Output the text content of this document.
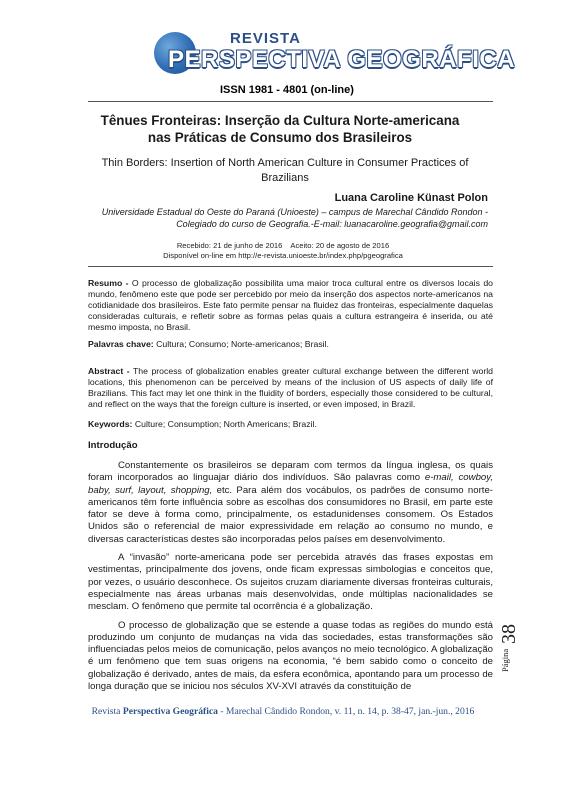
REVISTA
PERSPECTIVA GEOGRÁFICA
ISSN 1981 - 4801 (on-line)
Tênues Fronteiras: Inserção da Cultura Norte-americana nas Práticas de Consumo dos Brasileiros
Thin Borders: Insertion of North American Culture in Consumer Practices of Brazilians
Luana Caroline Künast Polon
Universidade Estadual do Oeste do Paraná (Unioeste) – campus de Marechal Cândido Rondon - Colegiado do curso de Geografia.-E-mail: luanacaroline.geografia@gmail.com
Recebido: 21 de junho de 2016    Aceito: 20 de agosto de 2016
Disponível on-line em http://e-revista.unioeste.br/index.php/pgeografica
Resumo - O processo de globalização possibilita uma maior troca cultural entre os diversos locais do mundo, fenômeno este que pode ser percebido por meio da inserção dos aspectos norte-americanos na cotidianidade dos brasileiros. Este fato permite pensar na fluidez das fronteiras, especialmente daquelas consideradas culturais, e refletir sobre as formas pelas quais a cultura estrangeira é inserida, ou até mesmo imposta, no Brasil.
Palavras chave: Cultura; Consumo; Norte-americanos; Brasil.
Abstract - The process of globalization enables greater cultural exchange between the different world locations, this phenomenon can be perceived by means of the inclusion of US aspects of daily life of Brazilians. This fact may let one think in the fluidity of borders, especially those considered to be cultural, and reflect on the ways that the foreign culture is inserted, or even imposed, in Brazil.
Keywords: Culture; Consumption; North Americans; Brazil.
Introdução

Constantemente os brasileiros se deparam com termos da língua inglesa, os quais foram incorporados ao linguajar diário dos indivíduos. São palavras como e-mail, cowboy, baby, surf, layout, shopping, etc. Para além dos vocábulos, os padrões de consumo norte-americanos têm forte influência sobre as escolhas dos consumidores no Brasil, em parte este fator se deve à forma como, principalmente, os estadunidenses consomem. Os Estados Unidos são o referencial de maior expressividade em relação ao consumo no mundo, e diversas características destes são incorporadas pelos países em desenvolvimento.

A “invasão” norte-americana pode ser percebida através das frases expostas em vestimentas, principalmente dos jovens, onde ficam expressas simbologias e conceitos que, por vezes, o usuário desconhece. Os sujeitos cruzam diariamente diversas fronteiras culturais, especialmente nas áreas urbanas mais desenvolvidas, onde múltiplas nacionalidades se mesclam. O fenômeno que permite tal ocorrência é a globalização.

O processo de globalização que se estende a quase todas as regiões do mundo está produzindo um conjunto de mudanças na vida das sociedades, estas transformações são influenciadas pelos meios de comunicação, pelos avanços no meio tecnológico. A globalização é um fenômeno que tem suas origens na economia, “é bem sabido como o conceito de globalização é derivado, antes de mais, da esfera econômica, apontando para um processo de longa duração que se iniciou nos séculos XV-XVI através da constituição de

Página
38
Revista Perspectiva Geográfica - Marechal Cândido Rondon, v. 11, n. 14, p. 38-47, jan.-jun., 2016
